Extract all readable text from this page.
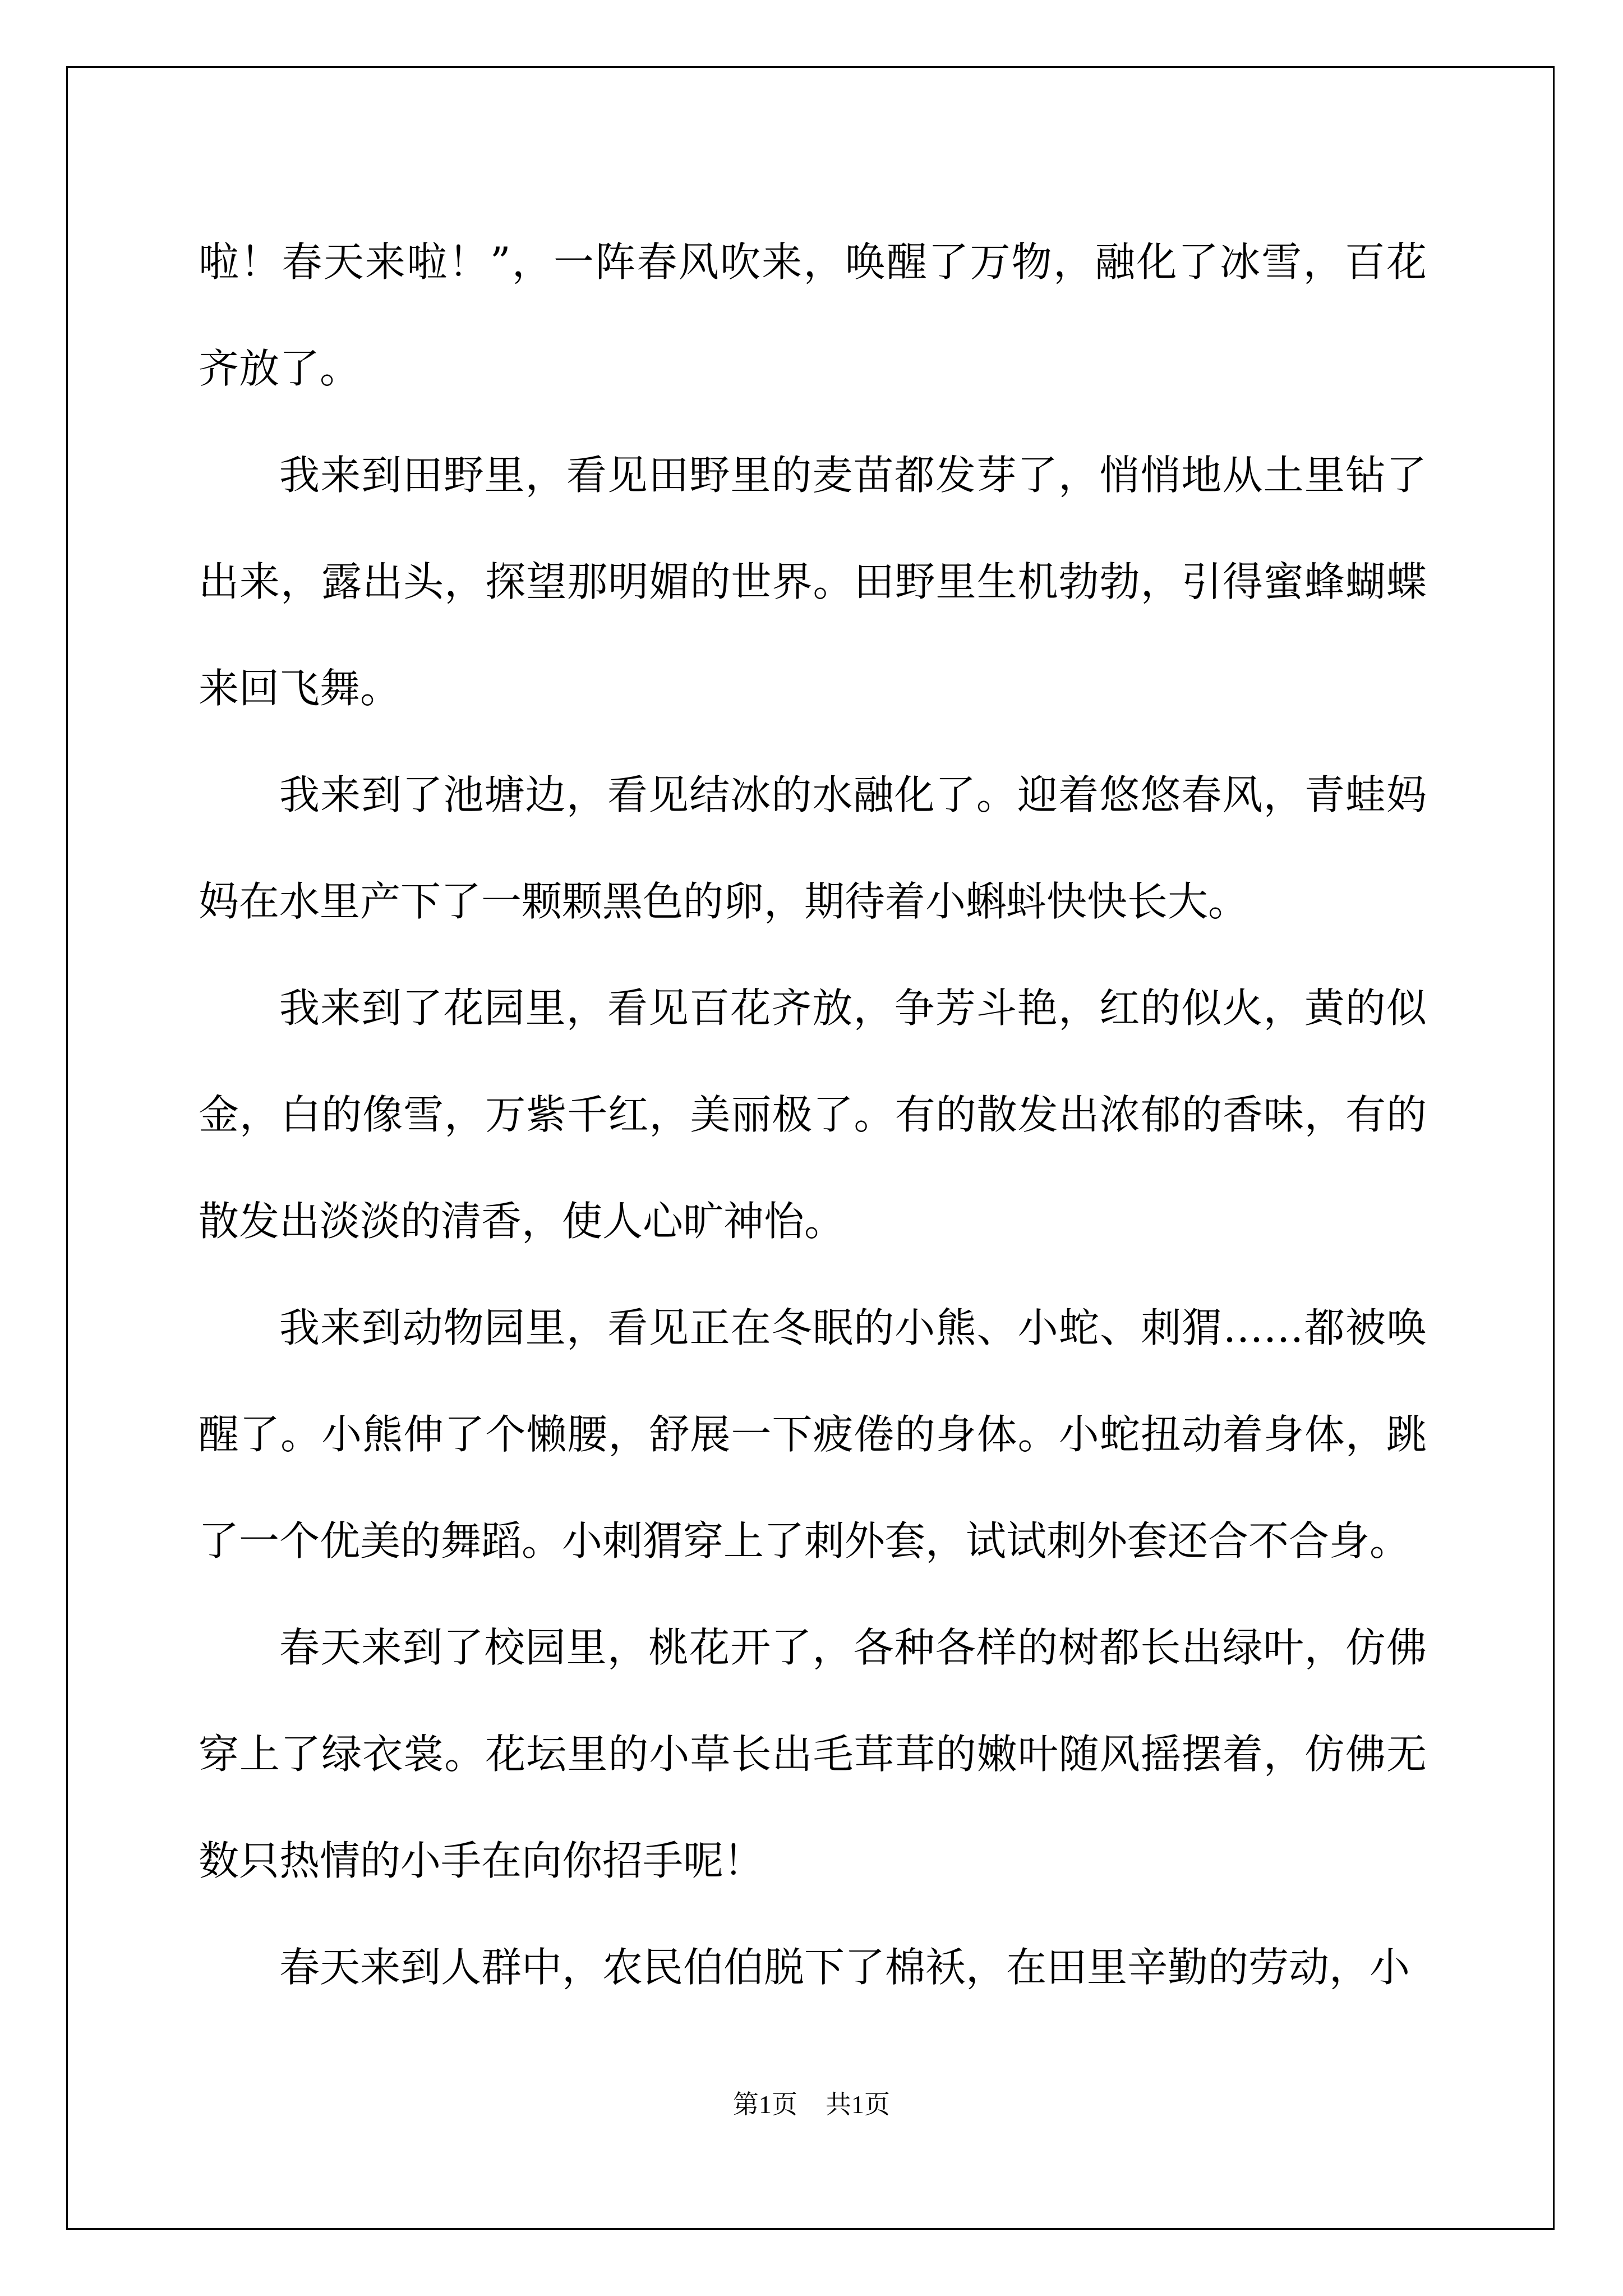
啦！春天来啦！”，一阵春风吹来，唤醒了万物，融化了冰雪，百花齐放了。

我来到田野里，看见田野里的麦苗都发芽了，悄悄地从土里钻了出来，露出头，探望那明媚的世界。田野里生机勃勃，引得蜜蜂蝴蝶来回飞舞。

我来到了池塘边，看见结冰的水融化了。迎着悠悠春风，青蛙妈妈在水里产下了一颗颗黑色的卵，期待着小蝌蚪快快长大。

我来到了花园里，看见百花齐放，争芳斗艳，红的似火，黄的似金，白的像雪，万紫千红，美丽极了。有的散发出浓郁的香味，有的散发出淡淡的清香，使人心旷神怡。

我来到动物园里，看见正在冬眠的小熊、小蛇、刺猬……都被唤醒了。小熊伸了个懒腰，舒展一下疲倦的身体。小蛇扭动着身体，跳了一个优美的舞蹈。小刺猬穿上了刺外套，试试刺外套还合不合身。

春天来到了校园里，桃花开了，各种各样的树都长出绿叶，仿佛穿上了绿衣裳。花坛里的小草长出毛茸茸的嫩叶随风摇摆着，仿佛无数只热情的小手在向你招手呢！

春天来到人群中，农民伯伯脱下了棉袄，在田里辛勤的劳动，小

第1页 共1页
